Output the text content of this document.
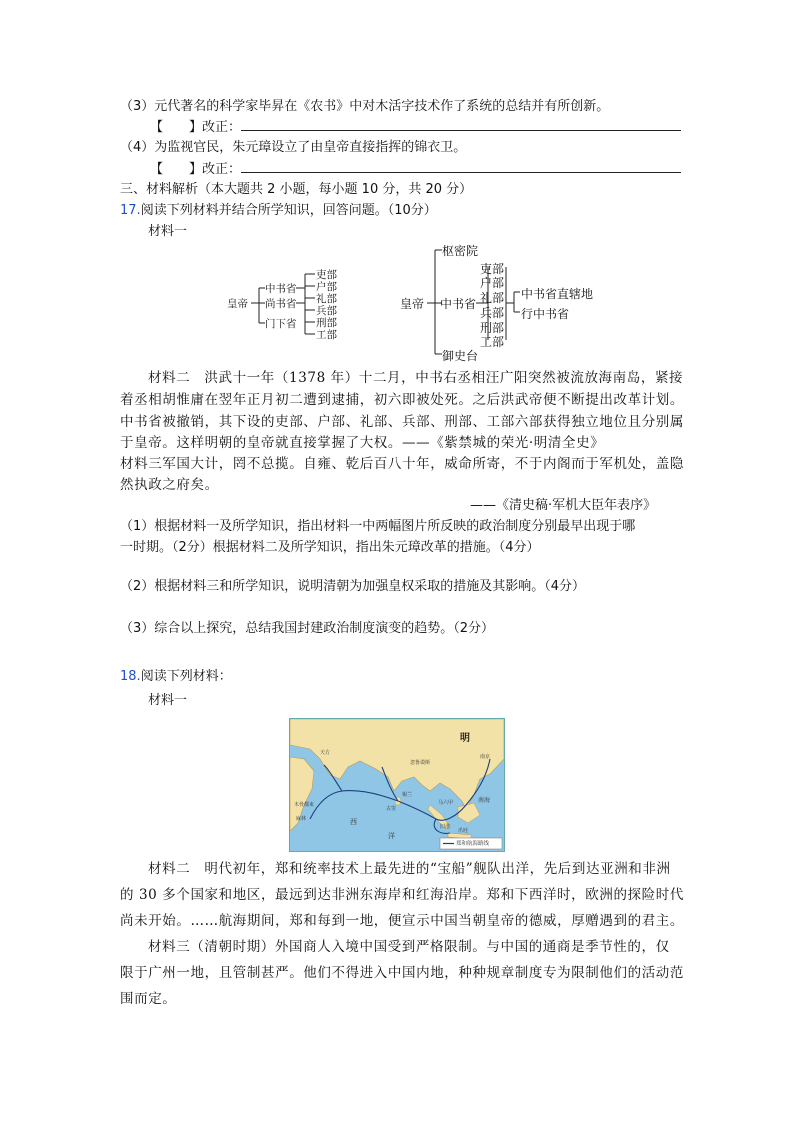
（3）元代著名的科学家毕昇在《农书》中对木活字技术作了系统的总结并有所创新。
【　　】改正：
（4）为监视官民，朱元璋设立了由皇帝直接指挥的锦衣卫。
【　　】改正：
三、材料解析（本大题共 2 小题，每小题 10 分，共 20 分）
17.阅读下列材料并结合所学知识，回答问题。（10分）
材料一
皇帝
中书省
尚书省
门下省
吏部
户部
礼部
兵部
刑部
工部
皇帝
枢密院
中书省
御史台
吏部
户部
礼部
兵部
刑部
工部
中书省直辖地
行中书省
材料二　洪武十一年（1378 年）十二月，中书右丞相汪广阳突然被流放海南岛，紧接
着丞相胡惟庸在翌年正月初二遭到逮捕，初六即被处死。之后洪武帝便不断提出改革计划。
中书省被撤销，其下设的吏部、户部、礼部、兵部、刑部、工部六部获得独立地位且分别属
于皇帝。这样明朝的皇帝就直接掌握了大权。——《紫禁城的荣光·明清全史》
材料三军国大计，罔不总揽。自雍、乾后百八十年，威命所寄，不于内阁而于军机处，盖隐
然执政之府矣。
——《清史稿·军机大臣年表序》
（1）根据材料一及所学知识，指出材料一中两幅图片所反映的政治制度分别最早出现于哪
一时期。（2分）根据材料二及所学知识，指出朱元璋改革的措施。（4分）
（2）根据材料三和所学知识，说明清朝为加强皇权采取的措施及其影响。（4分）
（3）综合以上探究，总结我国封建政治制度演变的趋势。（2分）
18.阅读下列材料：
材料一
明
南京
南海
古里
忽鲁谟斯
天方
马六甲
西
洋
麻林
木骨都束
锡兰
旧港
爪哇
郑和航海路线
材料二　明代初年，郑和统率技术上最先进的“宝船”舰队出洋，先后到达亚洲和非洲
的 30 多个国家和地区，最远到达非洲东海岸和红海沿岸。郑和下西洋时，欧洲的探险时代
尚未开始。……航海期间，郑和每到一地，便宣示中国当朝皇帝的德威，厚赠遇到的君主。
材料三（清朝时期）外国商人入境中国受到严格限制。与中国的通商是季节性的，仅
限于广州一地，且管制甚严。他们不得进入中国内地，种种规章制度专为限制他们的活动范
围而定。
